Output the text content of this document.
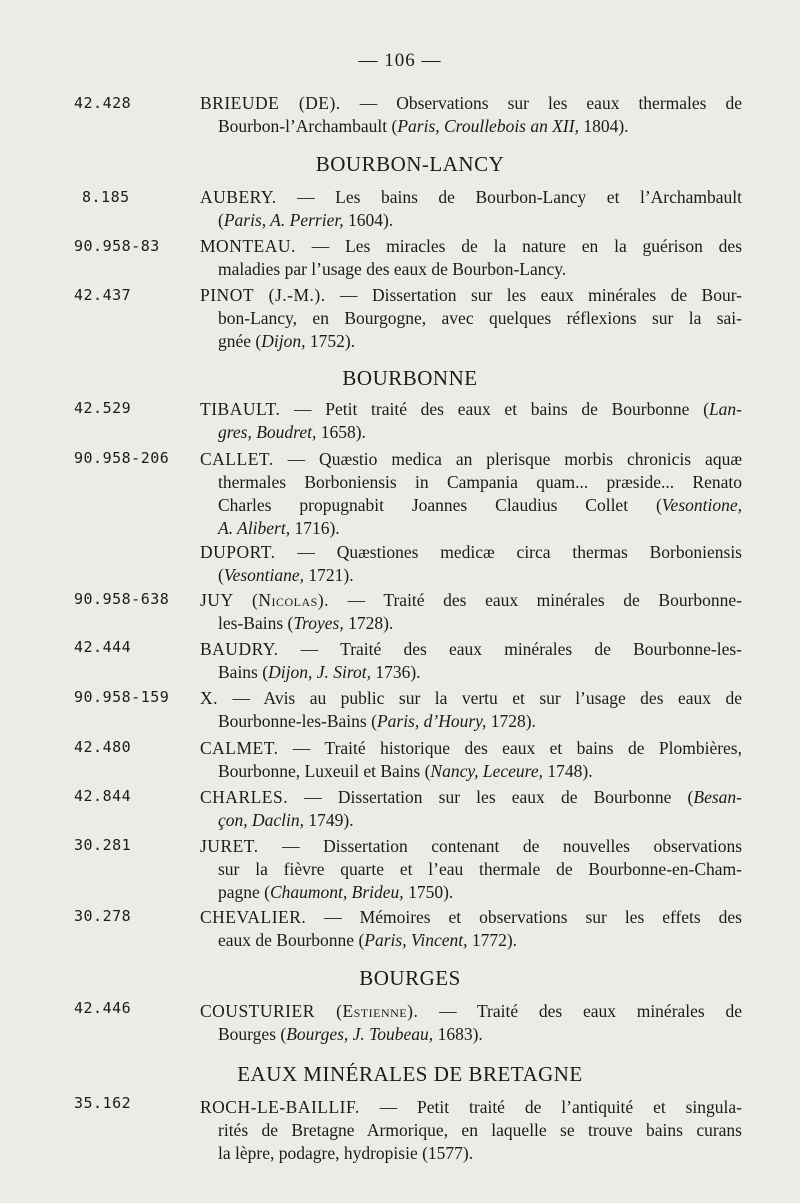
— 106 —
42.428	BRIEUDE (DE). — Observations sur les eaux thermales de
Bourbon-l’Archambault (Paris, Croullebois an XII, 1804).
BOURBON-LANCY
8.185	AUBERY. — Les bains de Bourbon-Lancy et l’Archambault
(Paris, A. Perrier, 1604).
90.958-83 MONTEAU. — Les miracles de la nature en la guérison des
maladies par l’usage des eaux de Bourbon-Lancy.
42.437	PINOT (J.-M.). — Dissertation sur les eaux minérales de Bour-
bon-Lancy, en Bourgogne, avec quelques réflexions sur la sai-
gnée (Dijon, 1752).
BOURBONNE
42.529	TIBAULT. — Petit traité des eaux et bains de Bourbonne (Lan-
gres, Boudret, 1658).
90.958-206 CALLET. — Quæstio medica an plerisque morbis chronicis aquæ
thermales Borboniensis in Campania quam... præside... Renato
Charles propugnabit Joannes Claudius Collet (Vesontione,
A. Alibert, 1716).
DUPORT. — Quæstiones medicæ circa thermas Borboniensis
(Vesontiane, 1721).
90.958-638 JUY (Nicolas). — Traité des eaux minérales de Bourbonne-
les-Bains (Troyes, 1728).
42.444	BAUDRY. — Traité des eaux minérales de Bourbonne-les-
Bains (Dijon, J. Sirot, 1736).
90.958-159 X. — Avis au public sur la vertu et sur l’usage des eaux de
Bourbonne-les-Bains (Paris, d’Houry, 1728).
42.480	CALMET. — Traité historique des eaux et bains de Plombières,
Bourbonne, Luxeuil et Bains (Nancy, Leceure, 1748).
42.844	CHARLES. — Dissertation sur les eaux de Bourbonne (Besan-
çon, Daclin, 1749).
30.281	JURET. — Dissertation contenant de nouvelles observations
sur la fièvre quarte et l’eau thermale de Bourbonne-en-Cham-
pagne (Chaumont, Brideu, 1750).
30.278	CHEVALIER. — Mémoires et observations sur les effets des
eaux de Bourbonne (Paris, Vincent, 1772).
BOURGES
42.446	COUSTURIER (Estienne). — Traité des eaux minérales de
Bourges (Bourges, J. Toubeau, 1683).
EAUX MINÉRALES DE BRETAGNE
35.162	ROCH-LE-BAILLIF. — Petit traité de l’antiquité et singula-
rités de Bretagne Armorique, en laquelle se trouve bains curans
la lèpre, podagre, hydropisie (1577).
